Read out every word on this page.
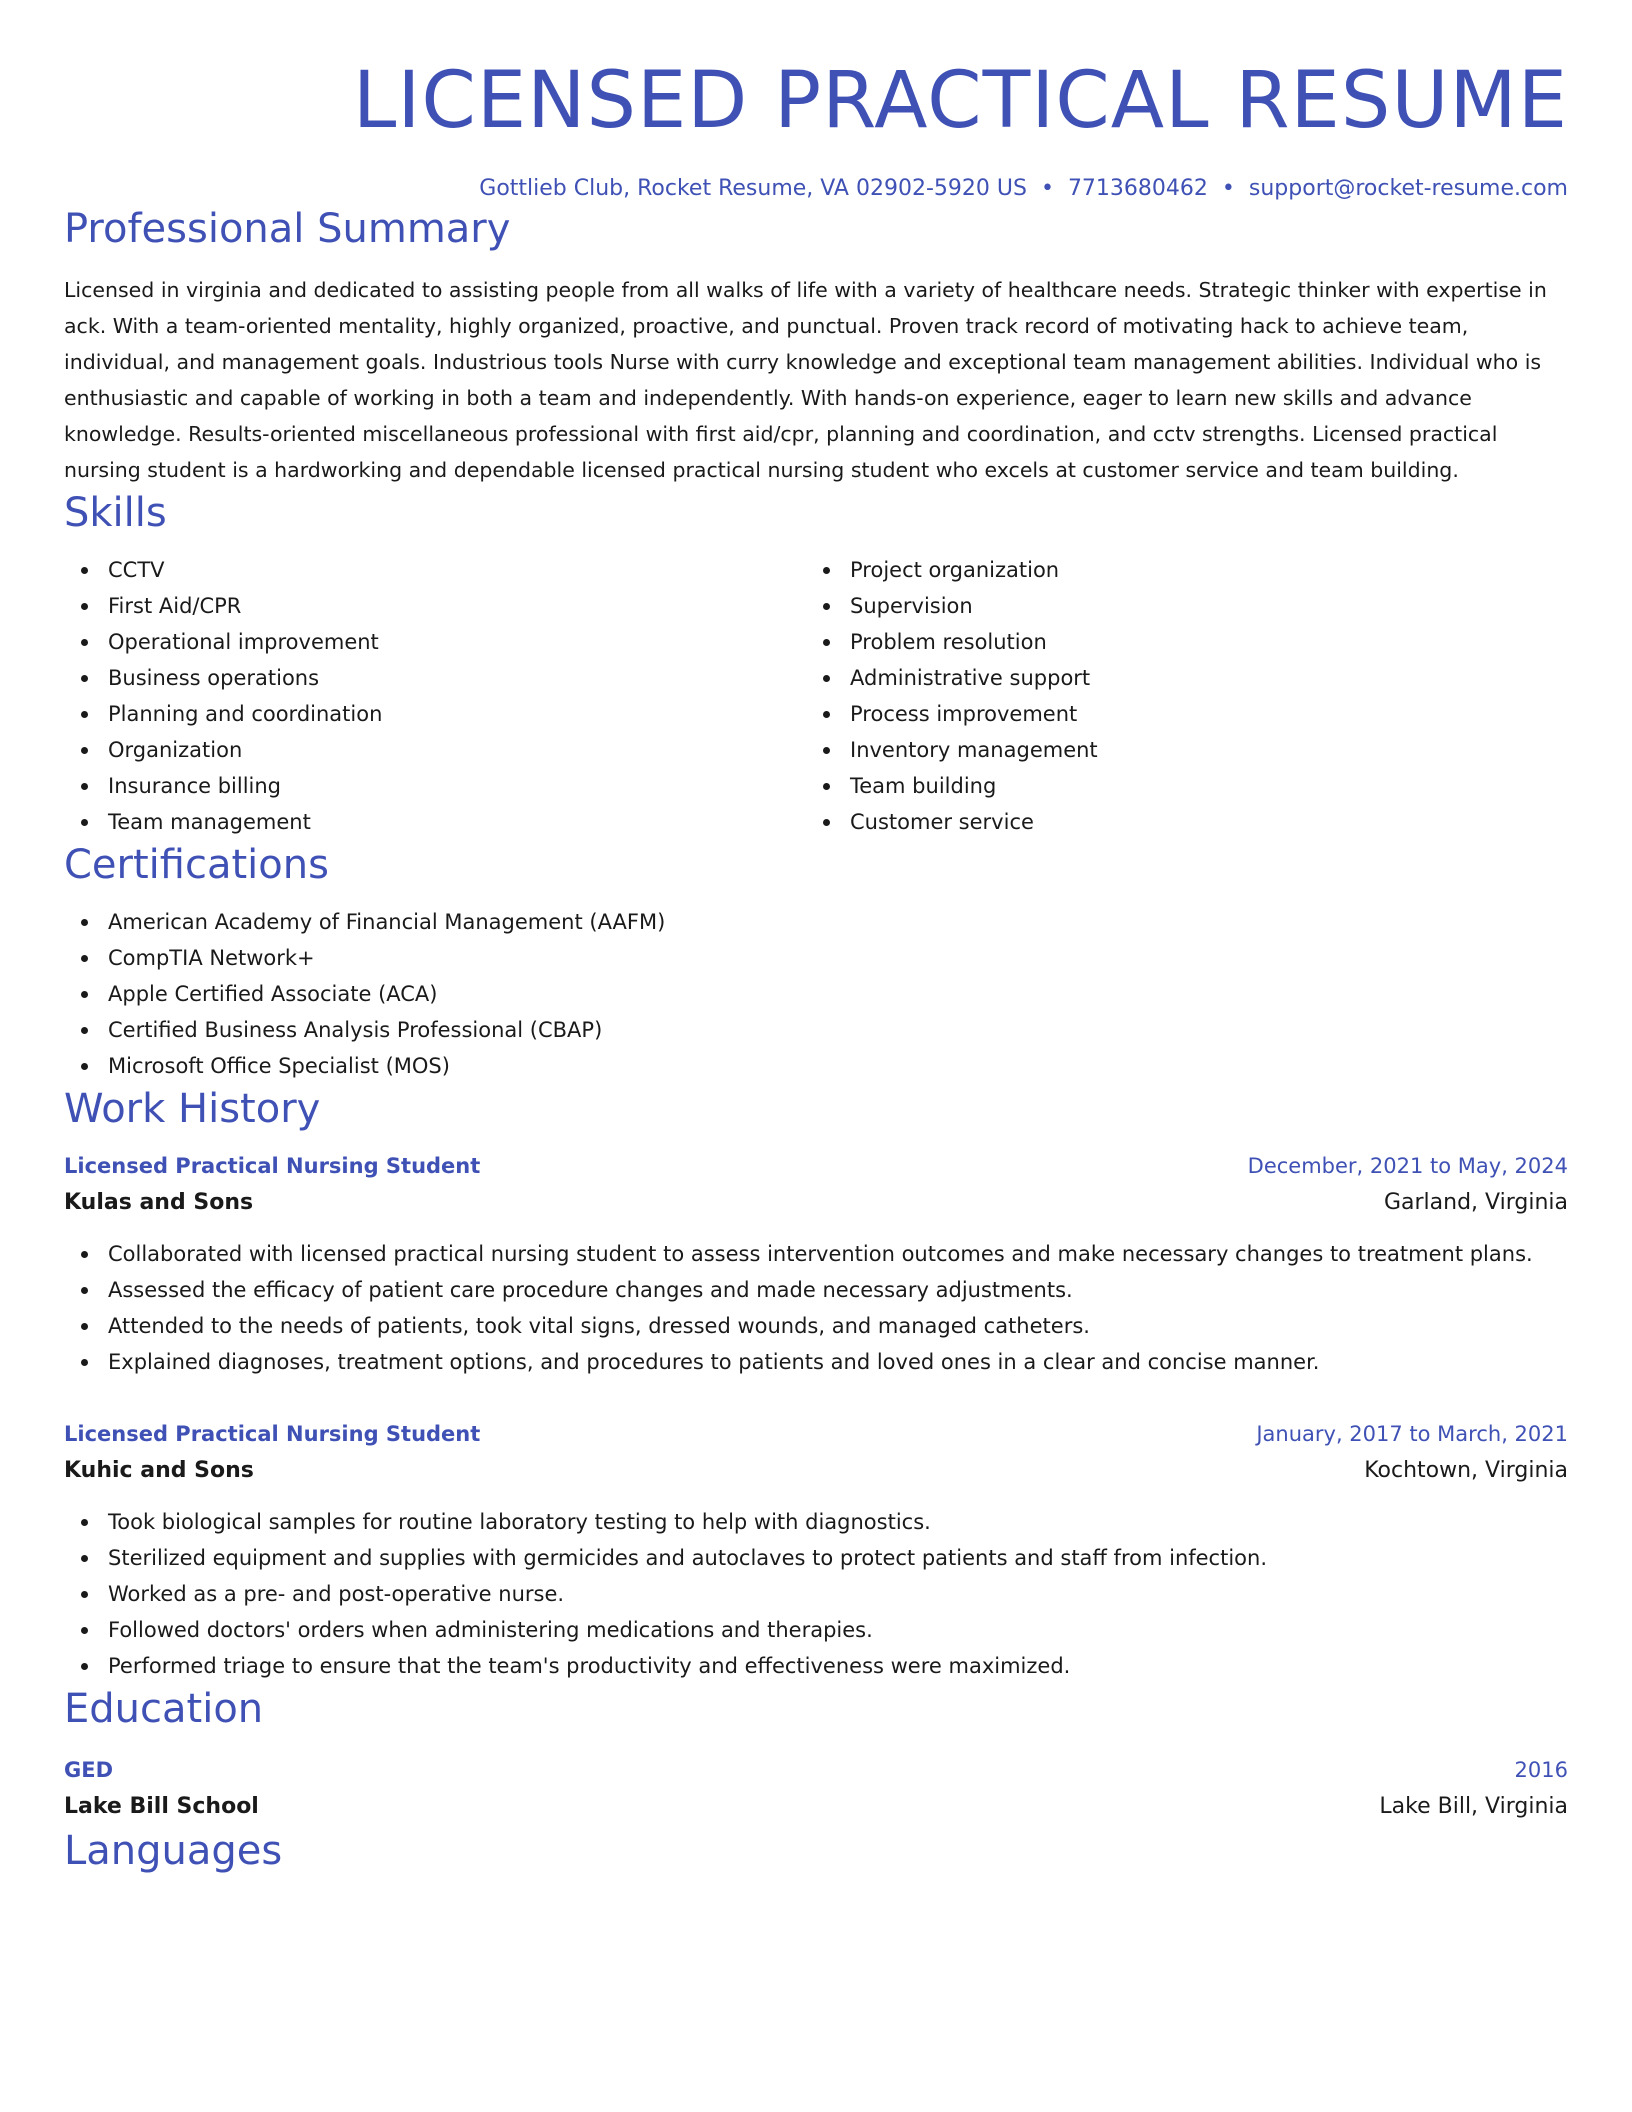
LICENSED PRACTICAL RESUME
Gottlieb Club, Rocket Resume, VA 02902-5920 US • 7713680462 • support@rocket-resume.com
Professional Summary
Licensed in virginia and dedicated to assisting people from all walks of life with a variety of healthcare needs. Strategic thinker with expertise in ack. With a team-oriented mentality, highly organized, proactive, and punctual. Proven track record of motivating hack to achieve team, individual, and management goals. Industrious tools Nurse with curry knowledge and exceptional team management abilities. Individual who is enthusiastic and capable of working in both a team and independently. With hands-on experience, eager to learn new skills and advance knowledge. Results-oriented miscellaneous professional with first aid/cpr, planning and coordination, and cctv strengths. Licensed practical nursing student is a hardworking and dependable licensed practical nursing student who excels at customer service and team building.
Skills
CCTV
First Aid/CPR
Operational improvement
Business operations
Planning and coordination
Organization
Insurance billing
Team management
Project organization
Supervision
Problem resolution
Administrative support
Process improvement
Inventory management
Team building
Customer service
Certifications
American Academy of Financial Management (AAFM)
CompTIA Network+
Apple Certified Associate (ACA)
Certified Business Analysis Professional (CBAP)
Microsoft Office Specialist (MOS)
Work History
Licensed Practical Nursing Student	December, 2021 to May, 2024
Kulas and Sons	Garland, Virginia
Collaborated with licensed practical nursing student to assess intervention outcomes and make necessary changes to treatment plans.
Assessed the efficacy of patient care procedure changes and made necessary adjustments.
Attended to the needs of patients, took vital signs, dressed wounds, and managed catheters.
Explained diagnoses, treatment options, and procedures to patients and loved ones in a clear and concise manner.
Licensed Practical Nursing Student	January, 2017 to March, 2021
Kuhic and Sons	Kochtown, Virginia
Took biological samples for routine laboratory testing to help with diagnostics.
Sterilized equipment and supplies with germicides and autoclaves to protect patients and staff from infection.
Worked as a pre- and post-operative nurse.
Followed doctors' orders when administering medications and therapies.
Performed triage to ensure that the team's productivity and effectiveness were maximized.
Education
GED	2016
Lake Bill School	Lake Bill, Virginia
Languages
